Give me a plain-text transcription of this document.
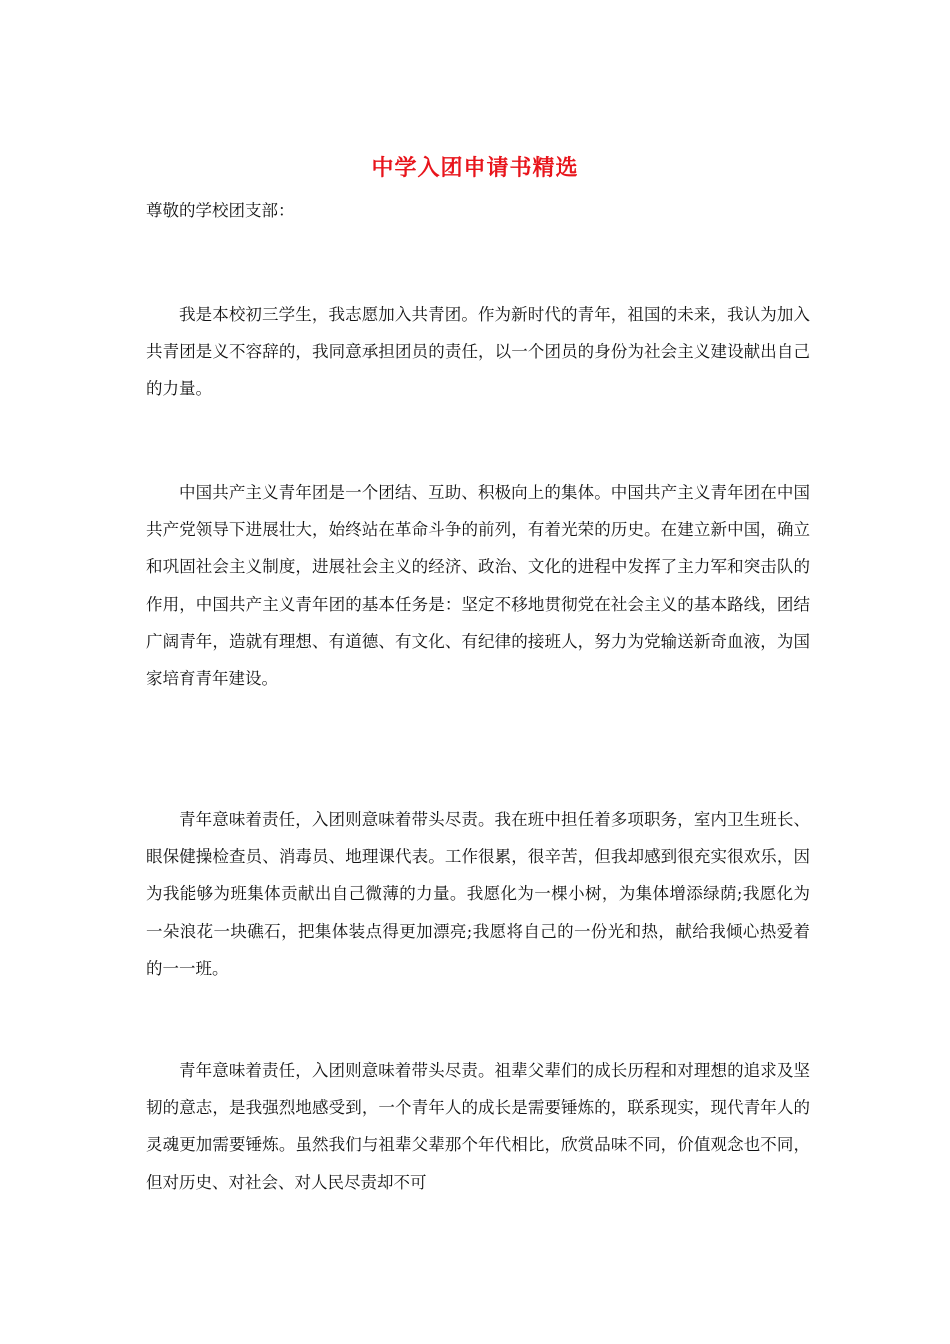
中学入团申请书精选
尊敬的学校团支部：

我是本校初三学生，我志愿加入共青团。作为新时代的青年，祖国的未来，我认为加入共青团是义不容辞的，我同意承担团员的责任，以一个团员的身份为社会主义建设献出自己的力量。

中国共产主义青年团是一个团结、互助、积极向上的集体。中国共产主义青年团在中国共产党领导下进展壮大，始终站在革命斗争的前列，有着光荣的历史。在建立新中国，确立和巩固社会主义制度，进展社会主义的经济、政治、文化的进程中发挥了主力军和突击队的作用，中国共产主义青年团的基本任务是：坚定不移地贯彻党在社会主义的基本路线，团结广阔青年，造就有理想、有道德、有文化、有纪律的接班人，努力为党输送新奇血液，为国家培育青年建设。

青年意味着责任，入团则意味着带头尽责。我在班中担任着多项职务，室内卫生班长、眼保健操检查员、消毒员、地理课代表。工作很累，很辛苦，但我却感到很充实很欢乐，因为我能够为班集体贡献出自己微薄的力量。我愿化为一棵小树，为集体增添绿荫;我愿化为一朵浪花一块礁石，把集体装点得更加漂亮;我愿将自己的一份光和热，献给我倾心热爱着的一一班。

青年意味着责任，入团则意味着带头尽责。祖辈父辈们的成长历程和对理想的追求及坚韧的意志，是我强烈地感受到，一个青年人的成长是需要锤炼的，联系现实，现代青年人的灵魂更加需要锤炼。虽然我们与祖辈父辈那个年代相比，欣赏品味不同，价值观念也不同，但对历史、对社会、对人民尽责却不可
